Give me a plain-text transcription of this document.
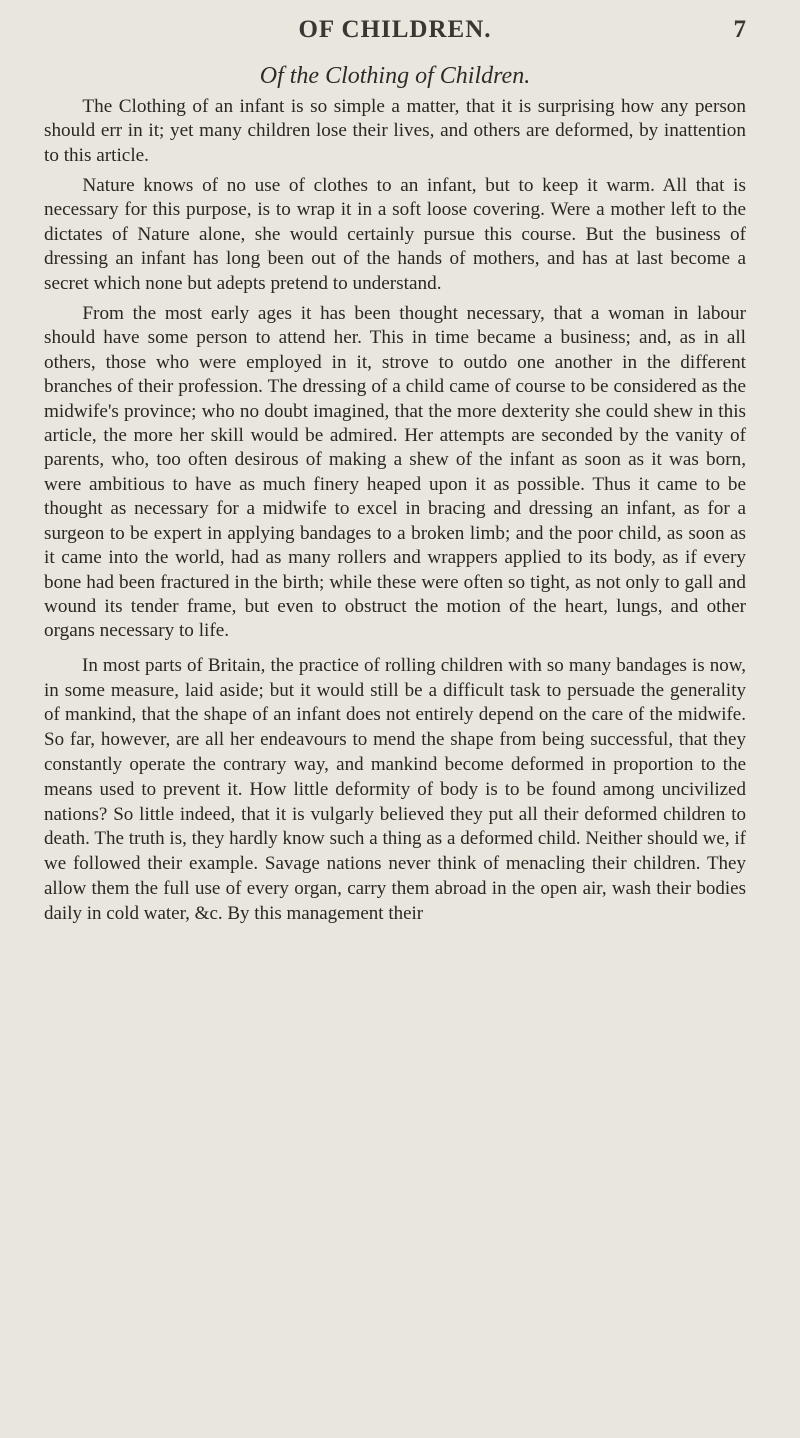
OF CHILDREN.	7
Of the Clothing of Children.

The Clothing of an infant is so simple a matter, that it is surprising how any person should err in it; yet many children lose their lives, and others are deformed, by inattention to this article.

Nature knows of no use of clothes to an infant, but to keep it warm. All that is necessary for this purpose, is to wrap it in a soft loose covering. Were a mother left to the dictates of Nature alone, she would certainly pursue this course. But the business of dressing an infant has long been out of the hands of mothers, and has at last become a secret which none but adepts pretend to understand.

From the most early ages it has been thought necessary, that a woman in labour should have some person to attend her. This in time became a business; and, as in all others, those who were employed in it, strove to outdo one another in the different branches of their profession. The dressing of a child came of course to be considered as the midwife's province; who no doubt imagined, that the more dexterity she could shew in this article, the more her skill would be admired. Her attempts are seconded by the vanity of parents, who, too often desirous of making a shew of the infant as soon as it was born, were ambitious to have as much finery heaped upon it as possible. Thus it came to be thought as necessary for a midwife to excel in bracing and dressing an infant, as for a surgeon to be expert in applying bandages to a broken limb; and the poor child, as soon as it came into the world, had as many rollers and wrappers applied to its body, as if every bone had been fractured in the birth; while these were often so tight, as not only to gall and wound its tender frame, but even to obstruct the motion of the heart, lungs, and other organs necessary to life.

In most parts of Britain, the practice of rolling children with so many bandages is now, in some measure, laid aside; but it would still be a difficult task to persuade the generality of mankind, that the shape of an infant does not entirely depend on the care of the midwife. So far, however, are all her endeavours to mend the shape from being successful, that they constantly operate the contrary way, and mankind become deformed in proportion to the means used to prevent it. How little deformity of body is to be found among uncivilized nations? So little indeed, that it is vulgarly believed they put all their deformed children to death. The truth is, they hardly know such a thing as a deformed child. Neither should we, if we followed their example. Savage nations never think of menacling their children. They allow them the full use of every organ, carry them abroad in the open air, wash their bodies daily in cold water, &c. By this management their
